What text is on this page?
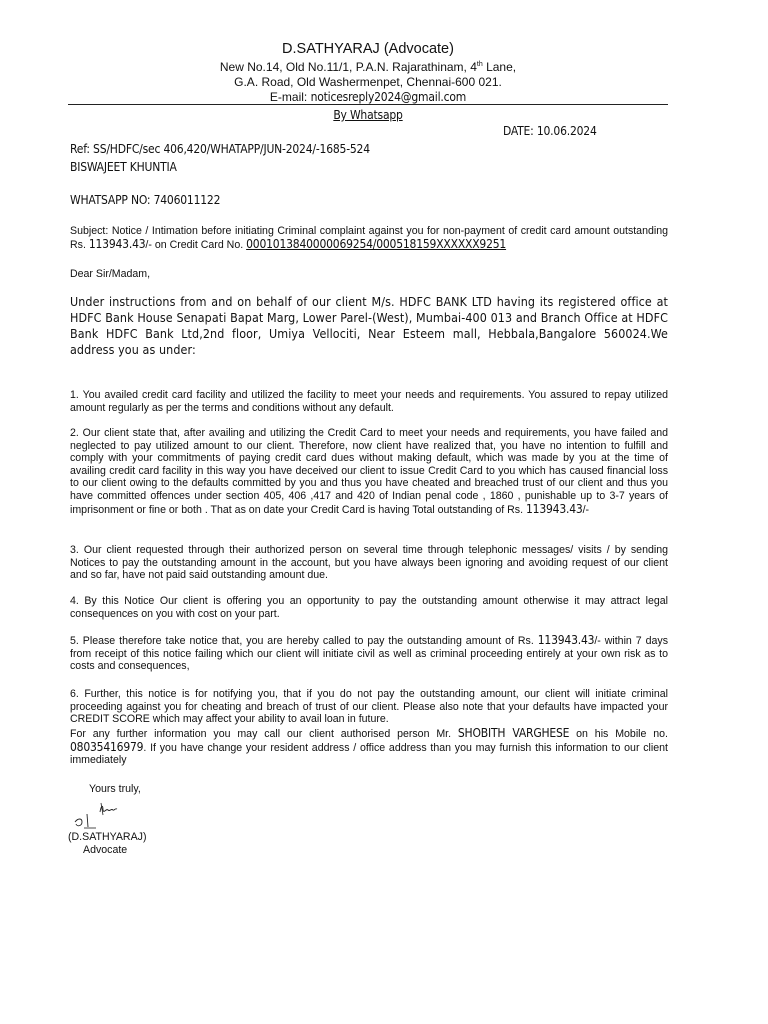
D.SATHYARAJ (Advocate)
New No.14, Old No.11/1, P.A.N. Rajarathinam, 4th Lane,
G.A. Road, Old Washermenpet, Chennai-600 021.
E-mail: noticesreply2024@gmail.com
By Whatsapp
DATE: 10.06.2024
Ref: SS/HDFC/sec 406,420/WHATAPP/JUN-2024/-1685-524
BISWAJEET KHUNTIA
WHATSAPP NO: 7406011122

Subject: Notice / Intimation before initiating Criminal complaint against you for non-payment of credit card amount outstanding Rs. 113943.43/- on Credit Card No. 0001013840000069254/000518159XXXXXX9251

Dear Sir/Madam,

Under instructions from and on behalf of our client M/s. HDFC BANK LTD having its registered office at HDFC Bank House Senapati Bapat Marg, Lower Parel-(West), Mumbai-400 013 and Branch Office at HDFC Bank HDFC Bank Ltd,2nd floor, Umiya Vellociti, Near Esteem mall, Hebbala,Bangalore 560024.We address you as under:

1. You availed credit card facility and utilized the facility to meet your needs and requirements. You assured to repay utilized amount regularly as per the terms and conditions without any default.

2. Our client state that, after availing and utilizing the Credit Card to meet your needs and requirements, you have failed and neglected to pay utilized amount to our client. Therefore, now client have realized that, you have no intention to fulfill and comply with your commitments of paying credit card dues without making default, which was made by you at the time of availing credit card facility in this way you have deceived our client to issue Credit Card to you which has caused financial loss to our client owing to the defaults committed by you and thus you have cheated and breached trust of our client and thus you have committed offences under section 405, 406 ,417 and 420 of Indian penal code , 1860 , punishable up to 3-7 years of imprisonment or fine or both . That as on date your Credit Card is having Total outstanding of Rs. 113943.43/-

3. Our client requested through their authorized person on several time through telephonic messages/ visits / by sending Notices to pay the outstanding amount in the account, but you have always been ignoring and avoiding request of our client and so far, have not paid said outstanding amount due.

4. By this Notice Our client is offering you an opportunity to pay the outstanding amount otherwise it may attract legal consequences on you with cost on your part.

5. Please therefore take notice that, you are hereby called to pay the outstanding amount of Rs. 113943.43/- within 7 days from receipt of this notice failing which our client will initiate civil as well as criminal proceeding entirely at your own risk as to costs and consequences,

6. Further, this notice is for notifying you, that if you do not pay the outstanding amount, our client will initiate criminal proceeding against you for cheating and breach of trust of our client. Please also note that your defaults have impacted your CREDIT SCORE which may affect your ability to avail loan in future.

For any further information you may call our client authorised person Mr. SHOBITH VARGHESE on his Mobile no. 08035416979. If you have change your resident address / office address than you may furnish this information to our client immediately

Yours truly,
(D.SATHYARAJ)
Advocate
